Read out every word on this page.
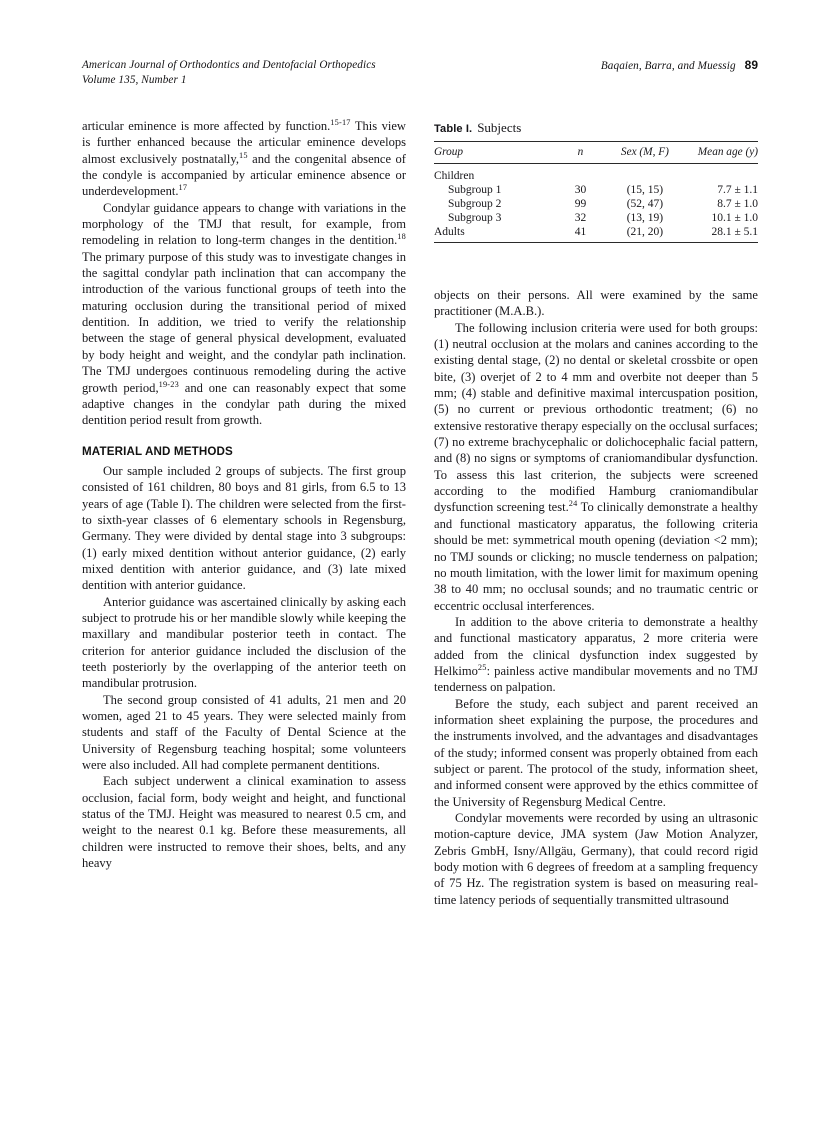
American Journal of Orthodontics and Dentofacial Orthopedics
Volume 135, Number 1
Baqaien, Barra, and Muessig 89

articular eminence is more affected by function.$^{15-17}$ This view is further enhanced because the articular eminence develops almost exclusively postnatally,$^{15}$ and the congenital absence of the condyle is accompanied by articular eminence absence or underdevelopment.$^{17}$

Condylar guidance appears to change with variations in the morphology of the TMJ that result, for example, from remodeling in relation to long-term changes in the dentition.$^{18}$ The primary purpose of this study was to investigate changes in the sagittal condylar path inclination that can accompany the introduction of the various functional groups of teeth into the maturing occlusion during the transitional period of mixed dentition. In addition, we tried to verify the relationship between the stage of general physical development, evaluated by body height and weight, and the condylar path inclination. The TMJ undergoes continuous remodeling during the active growth period,$^{19-23}$ and one can reasonably expect that some adaptive changes in the condylar path during the mixed dentition period result from growth.

MATERIAL AND METHODS

Our sample included 2 groups of subjects. The first group consisted of 161 children, 80 boys and 81 girls, from 6.5 to 13 years of age (Table I). The children were selected from the first- to sixth-year classes of 6 elementary schools in Regensburg, Germany. They were divided by dental stage into 3 subgroups: (1) early mixed dentition without anterior guidance, (2) early mixed dentition with anterior guidance, and (3) late mixed dentition with anterior guidance.

Anterior guidance was ascertained clinically by asking each subject to protrude his or her mandible slowly while keeping the maxillary and mandibular posterior teeth in contact. The criterion for anterior guidance included the disclusion of the teeth posteriorly by the overlapping of the anterior teeth on mandibular protrusion.

The second group consisted of 41 adults, 21 men and 20 women, aged 21 to 45 years. They were selected mainly from students and staff of the Faculty of Dental Science at the University of Regensburg teaching hospital; some volunteers were also included. All had complete permanent dentitions.

Each subject underwent a clinical examination to assess occlusion, facial form, body weight and height, and functional status of the TMJ. Height was measured to nearest 0.5 cm, and weight to the nearest 0.1 kg. Before these measurements, all children were instructed to remove their shoes, belts, and any heavy

Table I. Subjects
Group	n	Sex (M, F)	Mean age (y)
Children			
Subgroup 1	30	(15, 15)	7.7 ± 1.1
Subgroup 2	99	(52, 47)	8.7 ± 1.0
Subgroup 3	32	(13, 19)	10.1 ± 1.0
Adults	41	(21, 20)	28.1 ± 5.1

objects on their persons. All were examined by the same practitioner (M.A.B.).

The following inclusion criteria were used for both groups: (1) neutral occlusion at the molars and canines according to the existing dental stage, (2) no dental or skeletal crossbite or open bite, (3) overjet of 2 to 4 mm and overbite not deeper than 5 mm; (4) stable and definitive maximal intercuspation position, (5) no current or previous orthodontic treatment; (6) no extensive restorative therapy especially on the occlusal surfaces; (7) no extreme brachycephalic or dolichocephalic facial pattern, and (8) no signs or symptoms of craniomandibular dysfunction. To assess this last criterion, the subjects were screened according to the modified Hamburg craniomandibular dysfunction screening test.$^{24}$ To clinically demonstrate a healthy and functional masticatory apparatus, the following criteria should be met: symmetrical mouth opening (deviation <2 mm); no TMJ sounds or clicking; no muscle tenderness on palpation; no mouth limitation, with the lower limit for maximum opening 38 to 40 mm; no occlusal sounds; and no traumatic centric or eccentric occlusal interferences.

In addition to the above criteria to demonstrate a healthy and functional masticatory apparatus, 2 more criteria were added from the clinical dysfunction index suggested by Helkimo$^{25}$: painless active mandibular movements and no TMJ tenderness on palpation.

Before the study, each subject and parent received an information sheet explaining the purpose, the procedures and the instruments involved, and the advantages and disadvantages of the study; informed consent was properly obtained from each subject or parent. The protocol of the study, information sheet, and informed consent were approved by the ethics committee of the University of Regensburg Medical Centre.

Condylar movements were recorded by using an ultrasonic motion-capture device, JMA system (Jaw Motion Analyzer, Zebris GmbH, Isny/Allgäu, Germany), that could record rigid body motion with 6 degrees of freedom at a sampling frequency of 75 Hz. The registration system is based on measuring real-time latency periods of sequentially transmitted ultrasound
